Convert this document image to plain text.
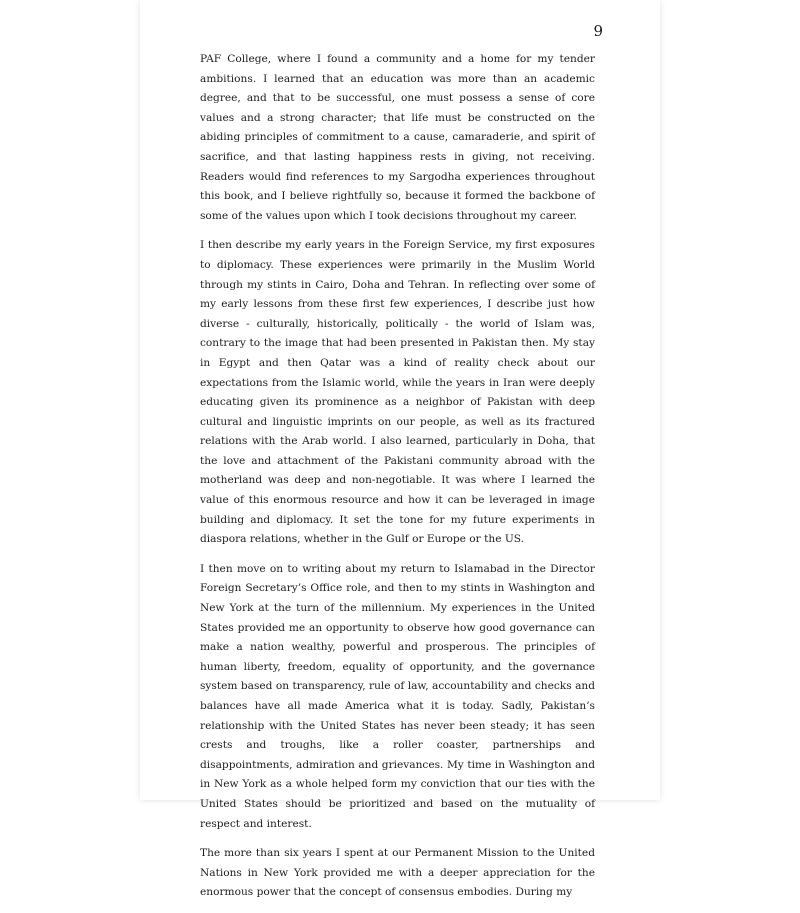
9

PAF College, where I found a community and a home for my tender ambitions. I learned that an education was more than an academic degree, and that to be successful, one must possess a sense of core values and a strong character; that life must be constructed on the abiding principles of commitment to a cause, camaraderie, and spirit of sacrifice, and that lasting happiness rests in giving, not receiving. Readers would find references to my Sargodha experiences throughout this book, and I believe rightfully so, because it formed the backbone of some of the values upon which I took decisions throughout my career.

I then describe my early years in the Foreign Service, my first exposures to diplomacy. These experiences were primarily in the Muslim World through my stints in Cairo, Doha and Tehran. In reflecting over some of my early lessons from these first few experiences, I describe just how diverse - culturally, historically, politically - the world of Islam was, contrary to the image that had been presented in Pakistan then. My stay in Egypt and then Qatar was a kind of reality check about our expectations from the Islamic world, while the years in Iran were deeply educating given its prominence as a neighbor of Pakistan with deep cultural and linguistic imprints on our people, as well as its fractured relations with the Arab world. I also learned, particularly in Doha, that the love and attachment of the Pakistani community abroad with the motherland was deep and non-negotiable. It was where I learned the value of this enormous resource and how it can be leveraged in image building and diplomacy. It set the tone for my future experiments in diaspora relations, whether in the Gulf or Europe or the US.

I then move on to writing about my return to Islamabad in the Director Foreign Secretary’s Office role, and then to my stints in Washington and New York at the turn of the millennium. My experiences in the United States provided me an opportunity to observe how good governance can make a nation wealthy, powerful and prosperous. The principles of human liberty, freedom, equality of opportunity, and the governance system based on transparency, rule of law, accountability and checks and balances have all made America what it is today. Sadly, Pakistan’s relationship with the United States has never been steady; it has seen crests and troughs, like a roller coaster, partnerships and disappointments, admiration and grievances. My time in Washington and in New York as a whole helped form my conviction that our ties with the United States should be prioritized and based on the mutuality of respect and interest.

The more than six years I spent at our Permanent Mission to the United Nations in New York provided me with a deeper appreciation for the enormous power that the concept of consensus embodies. During my
